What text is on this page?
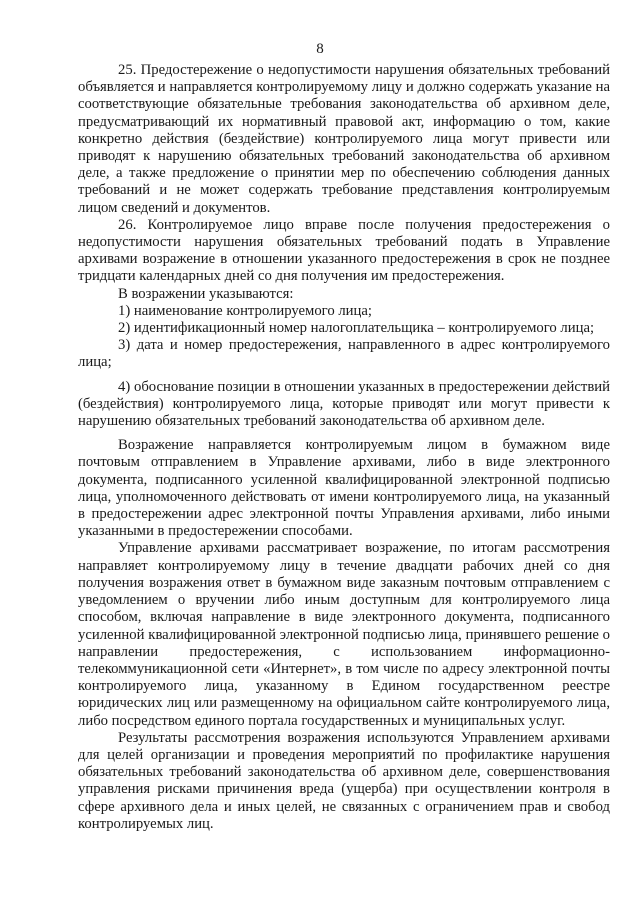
8

25. Предостережение о недопустимости нарушения обязательных требований объявляется и направляется контролируемому лицу и должно содержать указание на соответствующие обязательные требования законодательства об архивном деле, предусматривающий их нормативный правовой акт, информацию о том, какие конкретно действия (бездействие) контролируемого лица могут привести или приводят к нарушению обязательных требований законодательства об архивном деле, а также предложение о принятии мер по обеспечению соблюдения данных требований и не может содержать требование представления контролируемым лицом сведений и документов.

26. Контролируемое лицо вправе после получения предостережения о недопустимости нарушения обязательных требований подать в Управление архивами возражение в отношении указанного предостережения в срок не позднее тридцати календарных дней со дня получения им предостережения.

В возражении указываются:

1) наименование контролируемого лица;

2) идентификационный номер налогоплательщика – контролируемого лица;

3) дата и номер предостережения, направленного в адрес контролируемого лица;

4) обоснование позиции в отношении указанных в предостережении действий (бездействия) контролируемого лица, которые приводят или могут привести к нарушению обязательных требований законодательства об архивном деле.

Возражение направляется контролируемым лицом в бумажном виде почтовым отправлением в Управление архивами, либо в виде электронного документа, подписанного усиленной квалифицированной электронной подписью лица, уполномоченного действовать от имени контролируемого лица, на указанный в предостережении адрес электронной почты Управления архивами, либо иными указанными в предостережении способами.

Управление архивами рассматривает возражение, по итогам рассмотрения направляет контролируемому лицу в течение двадцати рабочих дней со дня получения возражения ответ в бумажном виде заказным почтовым отправлением с уведомлением о вручении либо иным доступным для контролируемого лица способом, включая направление в виде электронного документа, подписанного усиленной квалифицированной электронной подписью лица, принявшего решение о направлении предостережения, с использованием информационно-телекоммуникационной сети «Интернет», в том числе по адресу электронной почты контролируемого лица, указанному в Едином государственном реестре юридических лиц или размещенному на официальном сайте контролируемого лица, либо посредством единого портала государственных и муниципальных услуг.

Результаты рассмотрения возражения используются Управлением архивами для целей организации и проведения мероприятий по профилактике нарушения обязательных требований законодательства об архивном деле, совершенствования управления рисками причинения вреда (ущерба) при осуществлении контроля в сфере архивного дела и иных целей, не связанных с ограничением прав и свобод контролируемых лиц.
